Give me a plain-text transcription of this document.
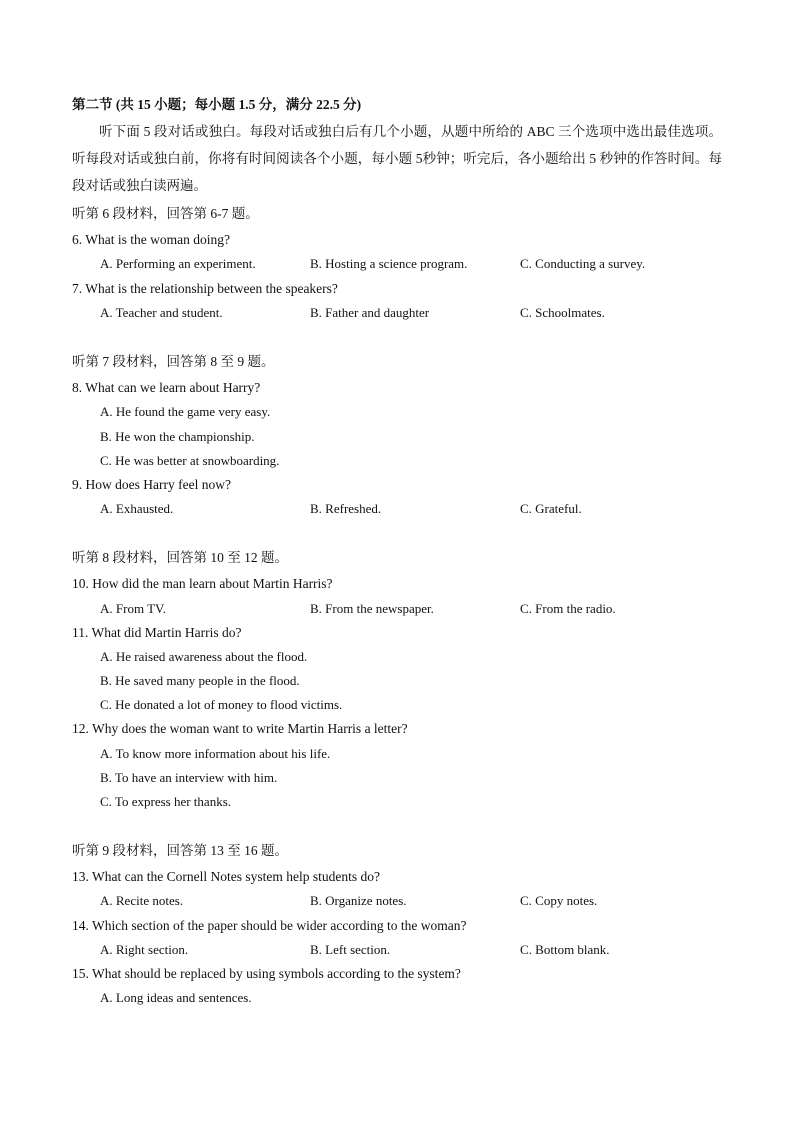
第二节 (共 15 小题；每小题 1.5 分，满分 22.5 分)
听下面 5 段对话或独白。每段对话或独白后有几个小题，从题中所给的 ABC 三个选项中选出最佳选项。听每段对话或独白前，你将有时间阅读各个小题，每小题 5秒钟；听完后，各小题给出 5 秒钟的作答时间。每段对话或独白读两遍。
听第 6 段材料，回答第 6-7 题。
6. What is the woman doing?
A. Performing an experiment.	B. Hosting a science program.	C. Conducting a survey.
7. What is the relationship between the speakers?
A. Teacher and student.	B. Father and daughter	C. Schoolmates.
听第 7 段材料，回答第 8 至 9 题。
8. What can we learn about Harry?
A. He found the game very easy.
B. He won the championship.
C. He was better at snowboarding.
9. How does Harry feel now?
A. Exhausted.	B. Refreshed.	C. Grateful.
听第 8 段材料，回答第 10 至 12 题。
10. How did the man learn about Martin Harris?
A. From TV.	B. From the newspaper.	C. From the radio.
11. What did Martin Harris do?
A. He raised awareness about the flood.
B. He saved many people in the flood.
C. He donated a lot of money to flood victims.
12. Why does the woman want to write Martin Harris a letter?
A. To know more information about his life.
B. To have an interview with him.
C. To express her thanks.
听第 9 段材料，回答第 13 至 16 题。
13. What can the Cornell Notes system help students do?
A. Recite notes.	B. Organize notes.	C. Copy notes.
14. Which section of the paper should be wider according to the woman?
A. Right section.	B. Left section.	C. Bottom blank.
15. What should be replaced by using symbols according to the system?
A. Long ideas and sentences.
